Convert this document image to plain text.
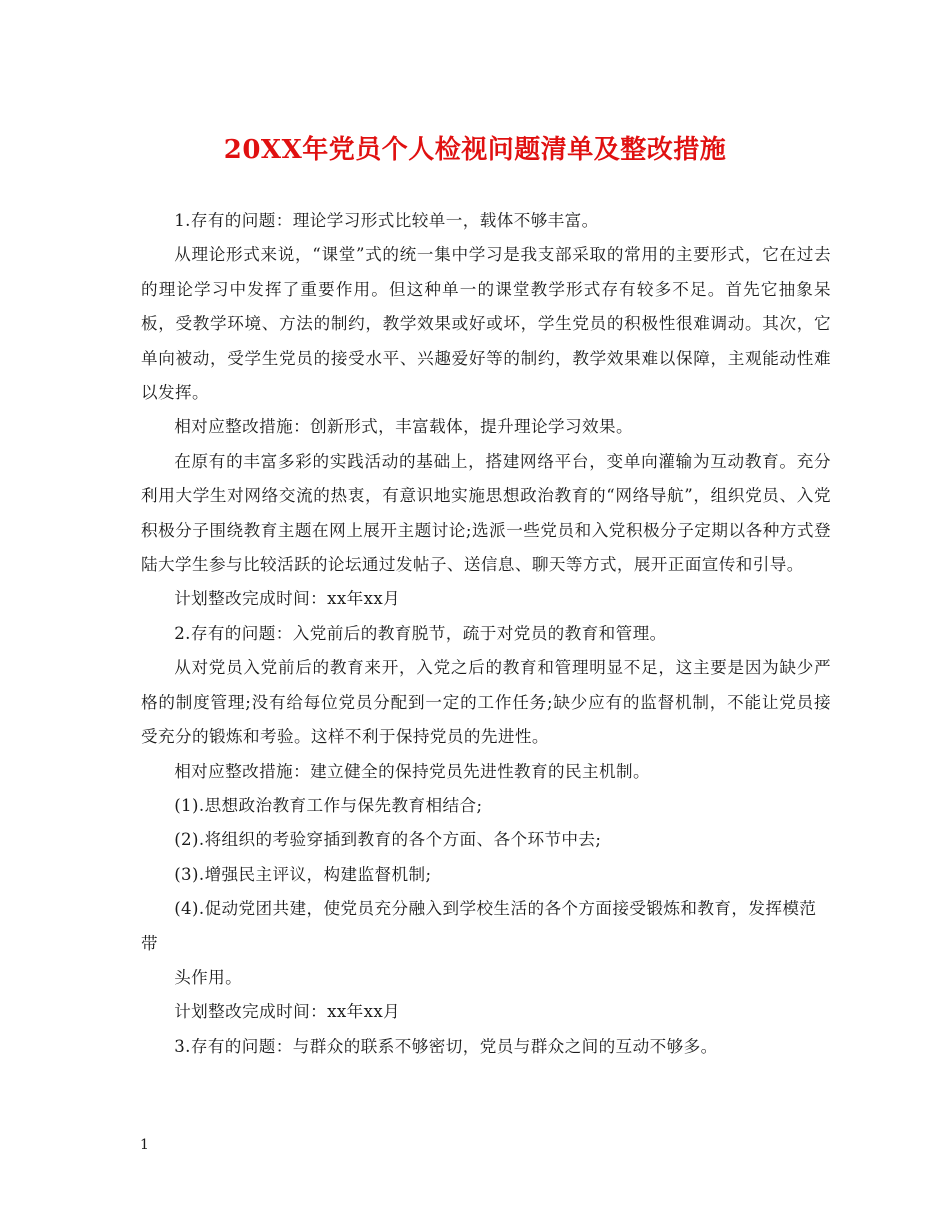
20XX年党员个人检视问题清单及整改措施

1.存有的问题：理论学习形式比较单一，载体不够丰富。

从理论形式来说，“课堂”式的统一集中学习是我支部采取的常用的主要形式，它在过去的理论学习中发挥了重要作用。但这种单一的课堂教学形式存有较多不足。首先它抽象呆板，受教学环境、方法的制约，教学效果或好或坏，学生党员的积极性很难调动。其次，它单向被动，受学生党员的接受水平、兴趣爱好等的制约，教学效果难以保障，主观能动性难以发挥。

相对应整改措施：创新形式，丰富载体，提升理论学习效果。

在原有的丰富多彩的实践活动的基础上，搭建网络平台，变单向灌输为互动教育。充分利用大学生对网络交流的热衷，有意识地实施思想政治教育的“网络导航”，组织党员、入党积极分子围绕教育主题在网上展开主题讨论;选派一些党员和入党积极分子定期以各种方式登陆大学生参与比较活跃的论坛通过发帖子、送信息、聊天等方式，展开正面宣传和引导。

计划整改完成时间：xx年xx月

2.存有的问题：入党前后的教育脱节，疏于对党员的教育和管理。

从对党员入党前后的教育来开，入党之后的教育和管理明显不足，这主要是因为缺少严格的制度管理;没有给每位党员分配到一定的工作任务;缺少应有的监督机制，不能让党员接受充分的锻炼和考验。这样不利于保持党员的先进性。

相对应整改措施：建立健全的保持党员先进性教育的民主机制。

(1).思想政治教育工作与保先教育相结合;

(2).将组织的考验穿插到教育的各个方面、各个环节中去;

(3).增强民主评议，构建监督机制;

(4).促动党团共建，使党员充分融入到学校生活的各个方面接受锻炼和教育，发挥模范带

头作用。

计划整改完成时间：xx年xx月

3.存有的问题：与群众的联系不够密切，党员与群众之间的互动不够多。

1
